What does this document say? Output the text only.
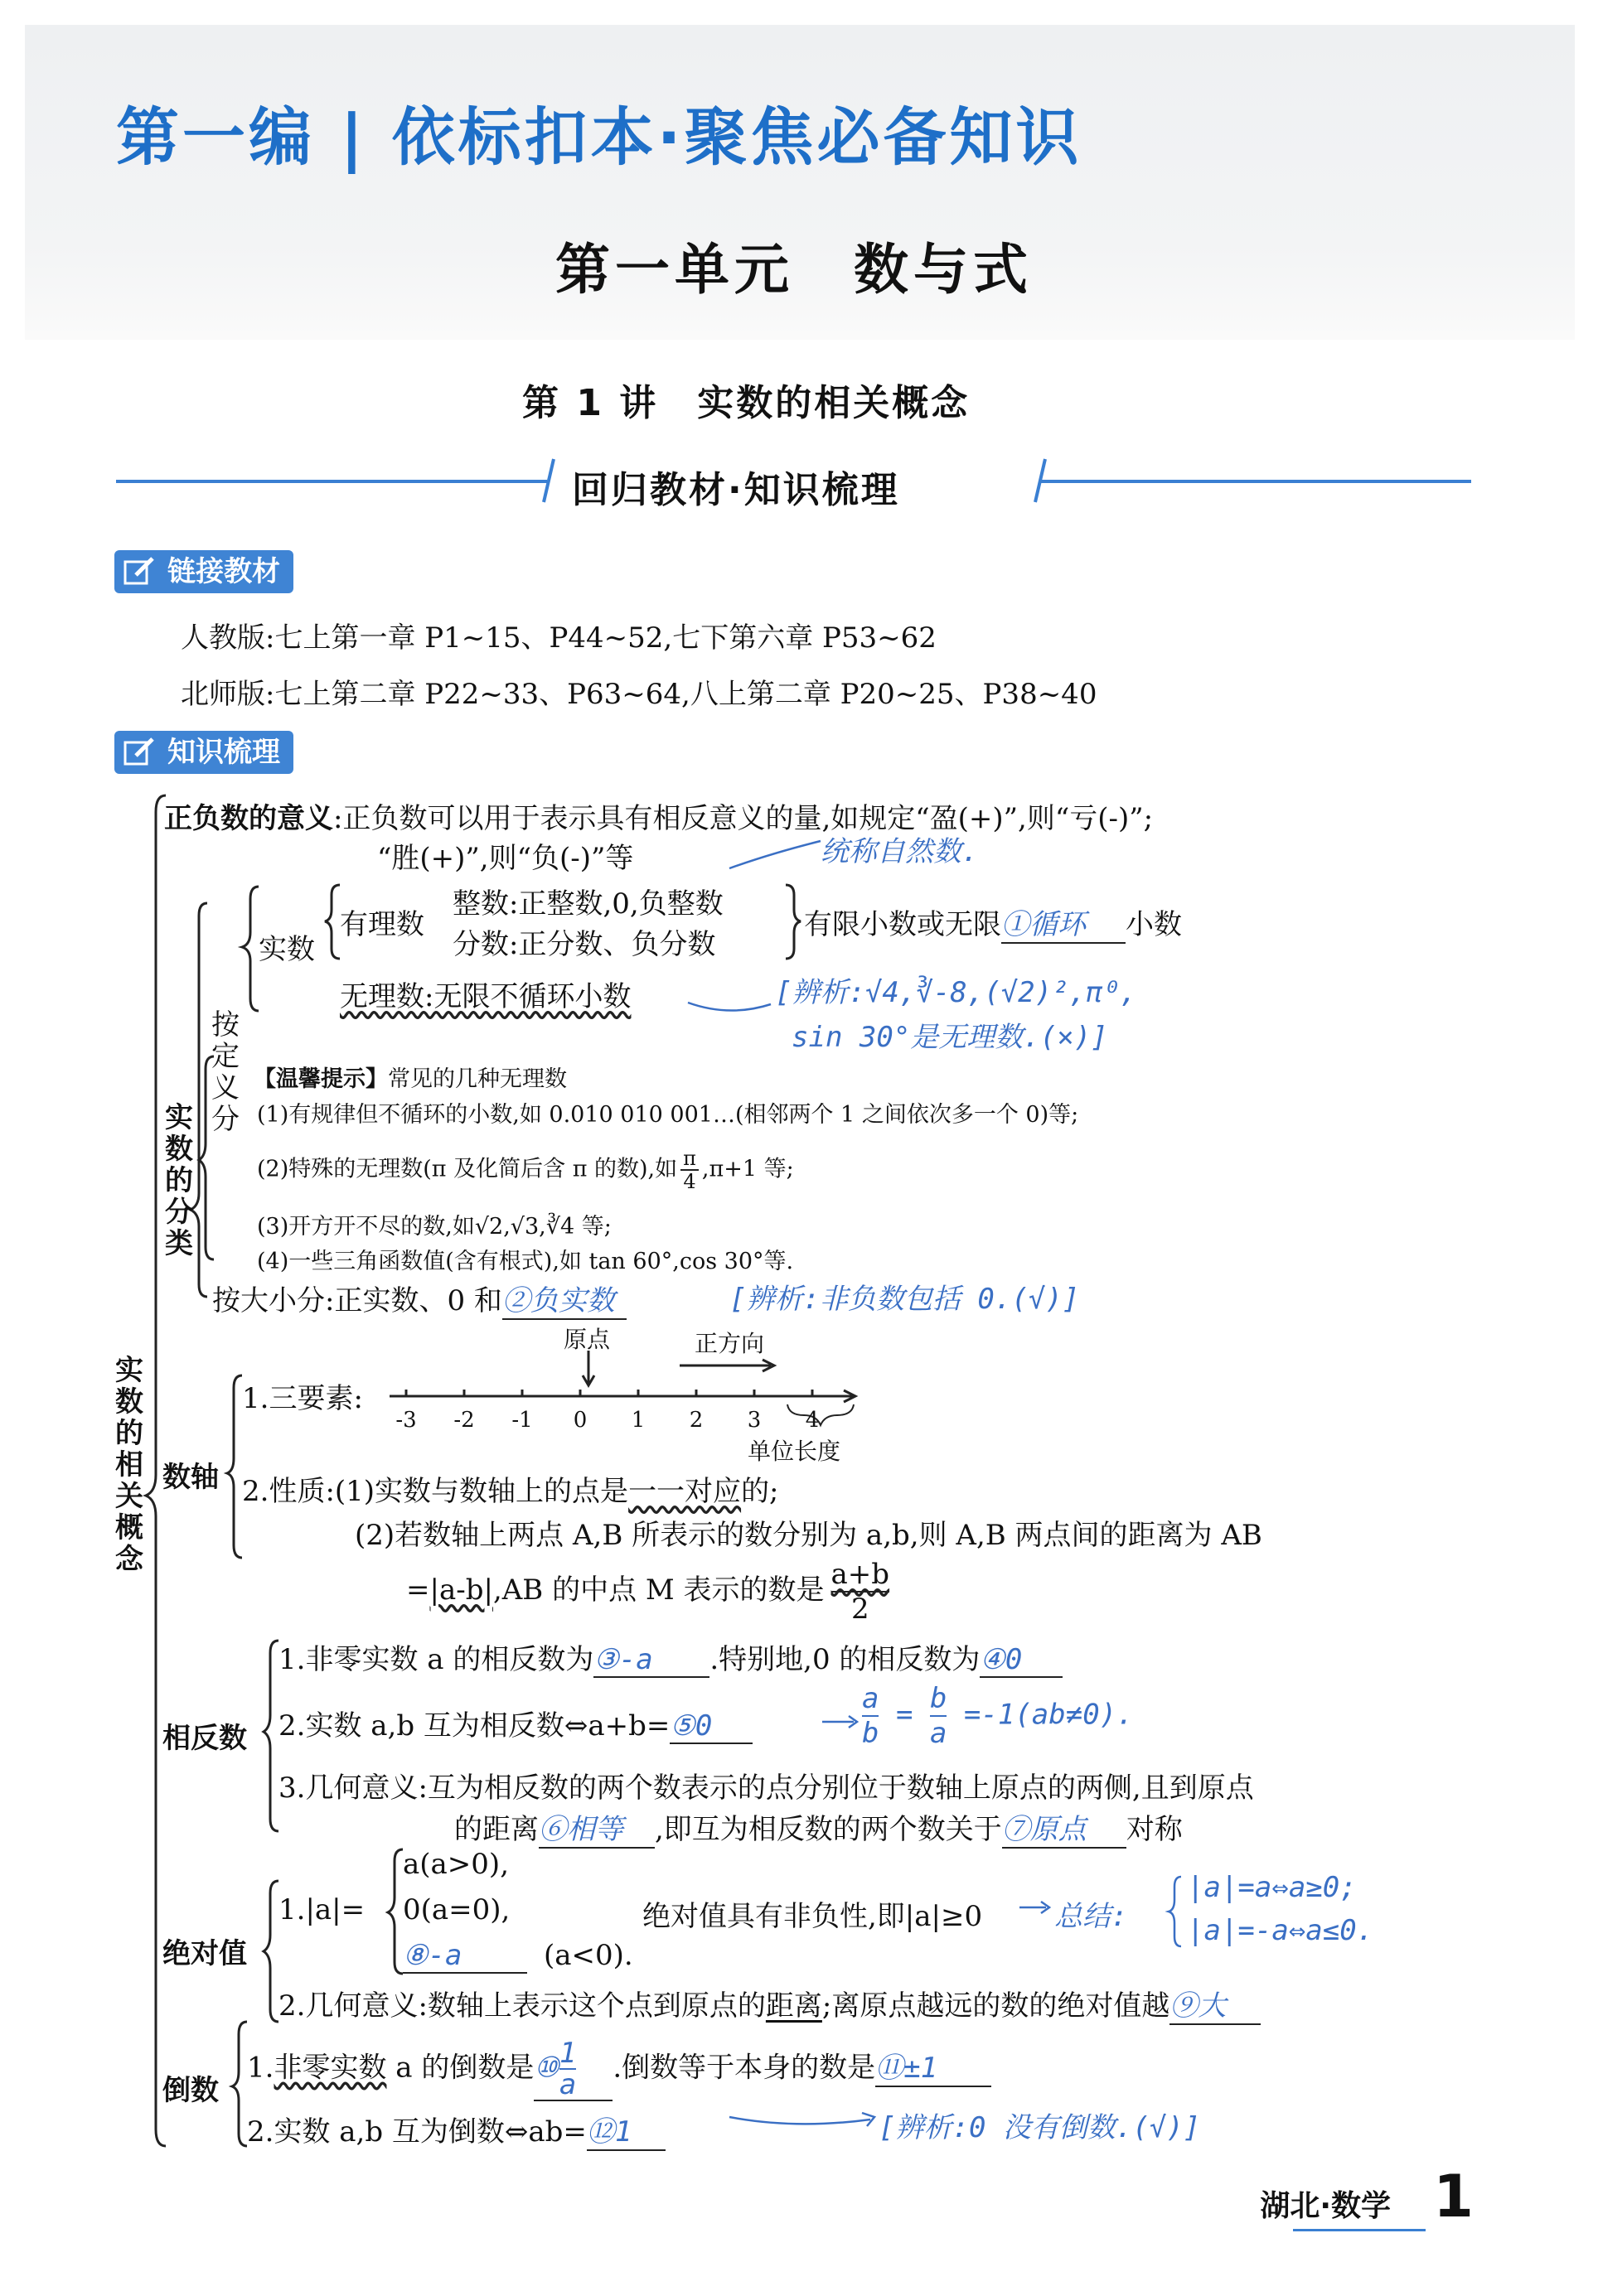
第一编 | 依标扣本·聚焦必备知识
第一单元　数与式
第 1 讲　实数的相关概念
回归教材·知识梳理
链接教材
人教版:七上第一章 P1~15、P44~52,七下第六章 P53~62
北师版:七上第二章 P22~33、P63~64,八上第二章 P20~25、P38~40
知识梳理
实数的相关概念
正负数的意义:正负数可以用于表示具有相反意义的量,如规定“盈(+)”,则“亏(-)”;
“胜(+)”,则“负(-)”等	统称自然数.
实数的分类
按定义分
实数
有理数
整数:正整数,0,负整数
分数:正分数、负分数
有限小数或无限①循环 小数
无理数:无限不循环小数	[辨析:√4,∛-8,(√2)²,π⁰,
sin 30°是无理数.(×)]
【温馨提示】常见的几种无理数
(1)有规律但不循环的小数,如 0.010 010 001…(相邻两个 1 之间依次多一个 0)等;
(2)特殊的无理数(π 及化简后含 π 的数),如 $\frac{\pi}{4} ,\pi+1$ 等;
(3)开方开不尽的数,如√2,√3,∛4 等;
(4)一些三角函数值(含有根式),如 tan 60°,cos 30°等.
按大小分:正实数、0 和②负实数	[辨析:非负数包括 0.(√)]
数轴
1.三要素:
原点	正方向
单位长度
-3 -2 -1 0 1 2 3 4
2.性质:(1)实数与数轴上的点是一一对应的;
(2)若数轴上两点 A,B 所表示的数分别为 a,b,则 A,B 两点间的距离为 AB
=|a-b|,AB 的中点 M 表示的数是 $\frac{a+b}{2}$
相反数
1.非零实数 a 的相反数为③-a .特别地,0 的相反数为④0
2.实数 a,b 互为相反数⇔a+b=⑤0	$\frac{a}{b} = \frac{b}{a} =-1(ab\ne 0)$.
3.几何意义:互为相反数的两个数表示的点分别位于数轴上原点的两侧,且到原点
的距离⑥相等 ,即互为相反数的两个数关于⑦原点 对称
绝对值
1.|a|=
a(a>0),
0(a=0),
⑧-a	(a<0).
绝对值具有非负性,即|a|≥0	总结:
|a|=a⇔a≥0;
|a|=-a⇔a≤0.
2.几何意义:数轴上表示这个点到原点的距离;离原点越远的数的绝对值越⑨大
倒数
1.非零实数 a 的倒数是⑩ $\frac{1}{a}$ .倒数等于本身的数是⑪±1
2.实数 a,b 互为倒数⇔ab=⑫1	[辨析:0 没有倒数.(√)]
湖北·数学 1
